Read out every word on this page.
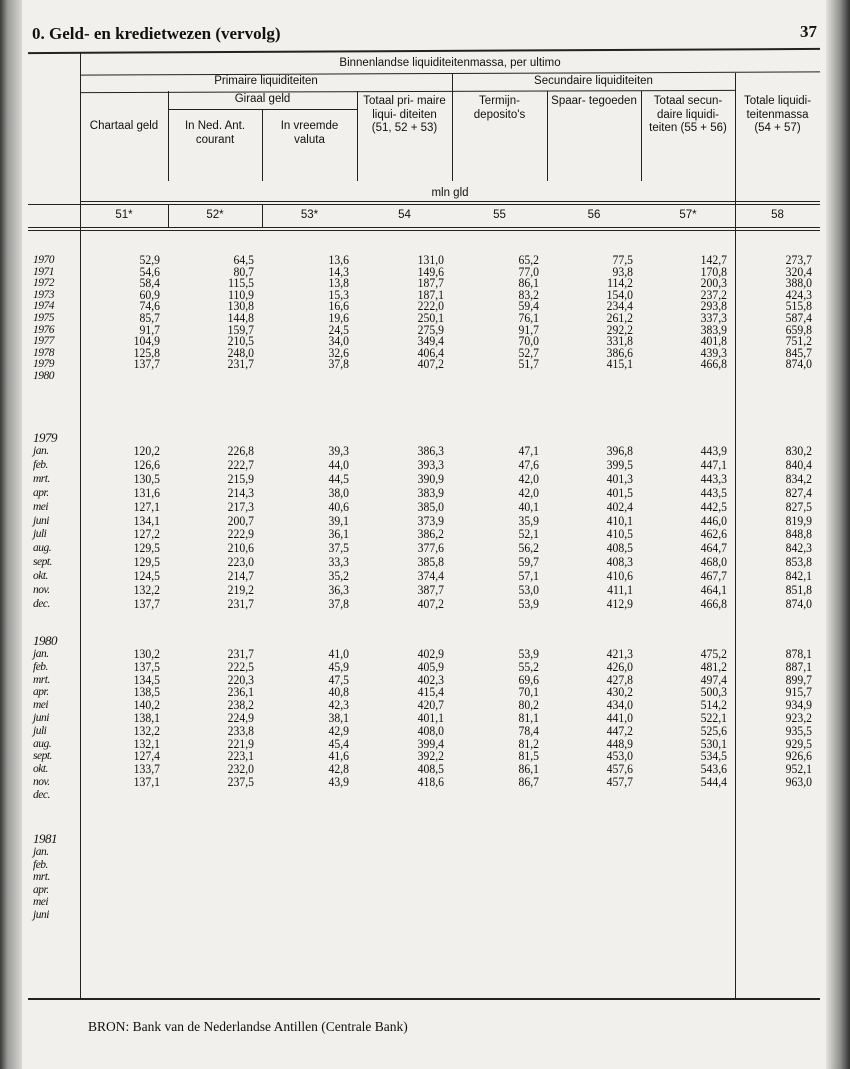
0. Geld- en kredietwezen (vervolg)	37
Binnenlandse liquiditeitenmassa, per ultimo
Primaire liquiditeiten	Secundaire liquiditeiten
Giraal geld
mln gld
Chartaal geld
51*
In Ned. Ant. courant
52*
In vreemde valuta
53*
Totaal pri- maire liqui- diteiten (51, 52 + 53)
54
Termijn- deposito's
55
Spaar- tegoeden
56
Totaal secun- daire liquidi- teiten (55 + 56)
57*
Totale liquidi- teitenmassa (54 + 57)
58
1970	52,9	64,5	13,6	131,0	65,2	77,5	142,7	273,7
1971	54,6	80,7	14,3	149,6	77,0	93,8	170,8	320,4
1972	58,4	115,5	13,8	187,7	86,1	114,2	200,3	388,0
1973	60,9	110,9	15,3	187,1	83,2	154,0	237,2	424,3
1974	74,6	130,8	16,6	222,0	59,4	234,4	293,8	515,8
1975	85,7	144,8	19,6	250,1	76,1	261,2	337,3	587,4
1976	91,7	159,7	24,5	275,9	91,7	292,2	383,9	659,8
1977	104,9	210,5	34,0	349,4	70,0	331,8	401,8	751,2
1978	125,8	248,0	32,6	406,4	52,7	386,6	439,3	845,7
1979	137,7	231,7	37,8	407,2	51,7	415,1	466,8	874,0
1980
1979
jan.	120,2	226,8	39,3	386,3	47,1	396,8	443,9	830,2
feb.	126,6	222,7	44,0	393,3	47,6	399,5	447,1	840,4
mrt.	130,5	215,9	44,5	390,9	42,0	401,3	443,3	834,2
apr.	131,6	214,3	38,0	383,9	42,0	401,5	443,5	827,4
mei	127,1	217,3	40,6	385,0	40,1	402,4	442,5	827,5
juni	134,1	200,7	39,1	373,9	35,9	410,1	446,0	819,9
juli	127,2	222,9	36,1	386,2	52,1	410,5	462,6	848,8
aug.	129,5	210,6	37,5	377,6	56,2	408,5	464,7	842,3
sept.	129,5	223,0	33,3	385,8	59,7	408,3	468,0	853,8
okt.	124,5	214,7	35,2	374,4	57,1	410,6	467,7	842,1
nov.	132,2	219,2	36,3	387,7	53,0	411,1	464,1	851,8
dec.	137,7	231,7	37,8	407,2	53,9	412,9	466,8	874,0
1980
jan.	130,2	231,7	41,0	402,9	53,9	421,3	475,2	878,1
feb.	137,5	222,5	45,9	405,9	55,2	426,0	481,2	887,1
mrt.	134,5	220,3	47,5	402,3	69,6	427,8	497,4	899,7
apr.	138,5	236,1	40,8	415,4	70,1	430,2	500,3	915,7
mei	140,2	238,2	42,3	420,7	80,2	434,0	514,2	934,9
juni	138,1	224,9	38,1	401,1	81,1	441,0	522,1	923,2
juli	132,2	233,8	42,9	408,0	78,4	447,2	525,6	935,5
aug.	132,1	221,9	45,4	399,4	81,2	448,9	530,1	929,5
sept.	127,4	223,1	41,6	392,2	81,5	453,0	534,5	926,6
okt.	133,7	232,0	42,8	408,5	86,1	457,6	543,6	952,1
nov.	137,1	237,5	43,9	418,6	86,7	457,7	544,4	963,0
dec.
1981
jan.
feb.
mrt.
apr.
mei
juni
BRON: Bank van de Nederlandse Antillen (Centrale Bank)
